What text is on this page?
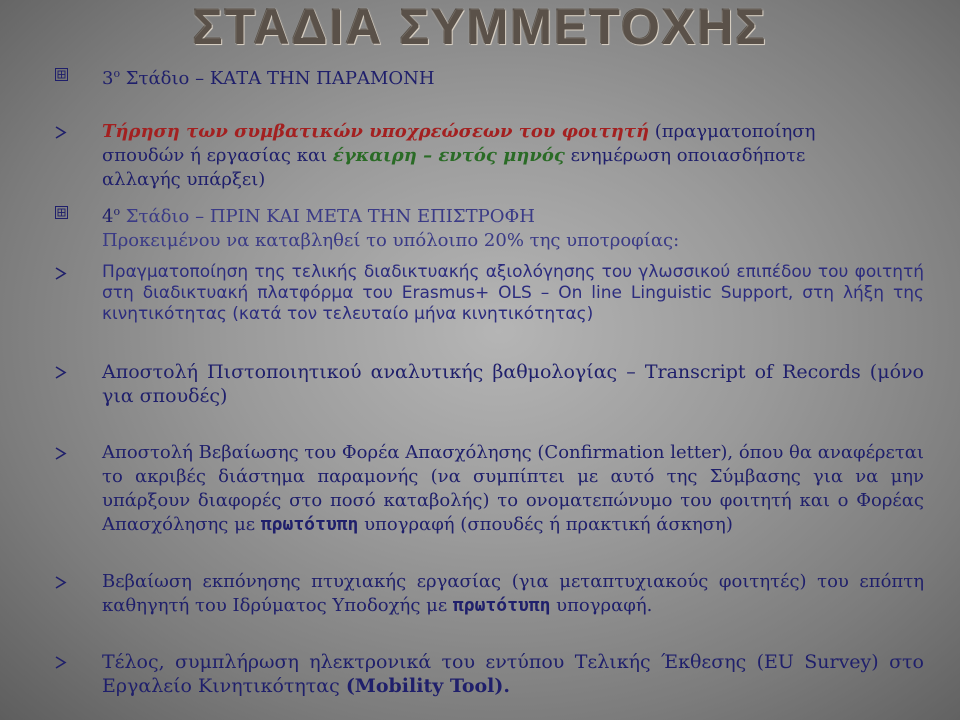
ΣΤΑΔΙΑ ΣΥΜΜΕΤΟΧΗΣ
$3^o$ Στάδιο – ΚΑΤΑ ΤΗΝ ΠΑΡΑΜΟΝΗ
Τήρηση των συμβατικών υποχρεώσεων του φοιτητή (πραγματοποίηση σπουδών ή εργασίας και έγκαιρη – εντός μηνός ενημέρωση οποιασδήποτε αλλαγής υπάρξει)
$4^o$ Στάδιο – ΠΡΙΝ ΚΑΙ ΜΕΤΑ ΤΗΝ ΕΠΙΣΤΡΟΦΗ
Προκειμένου να καταβληθεί το υπόλοιπο 20% της υποτροφίας:
Πραγματοποίηση της τελικής διαδικτυακής αξιολόγησης του γλωσσικού επιπέδου του φοιτητή στη διαδικτυακή πλατφόρμα του Erasmus+ OLS – On line Linguistic Support, στη λήξη της κινητικότητας (κατά τον τελευταίο μήνα κινητικότητας)
Αποστολή Πιστοποιητικού αναλυτικής βαθμολογίας – Transcript of Records (μόνο για σπουδές)
Αποστολή Βεβαίωσης του Φορέα Απασχόλησης (Confirmation letter), όπου θα αναφέρεται το ακριβές διάστημα παραμονής (να συμπίπτει με αυτό της Σύμβασης για να μην υπάρξουν διαφορές στο ποσό καταβολής) το ονοματεπώνυμο του φοιτητή και ο Φορέας Απασχόλησης με πρωτότυπη υπογραφή (σπουδές ή πρακτική άσκηση)
Βεβαίωση εκπόνησης πτυχιακής εργασίας (για μεταπτυχιακούς φοιτητές) του επόπτη καθηγητή του Ιδρύματος Υποδοχής με πρωτότυπη υπογραφή.
Τέλος, συμπλήρωση ηλεκτρονικά του εντύπου Τελικής Έκθεσης (EU Survey) στο Εργαλείο Κινητικότητας (Mobility Tool).
